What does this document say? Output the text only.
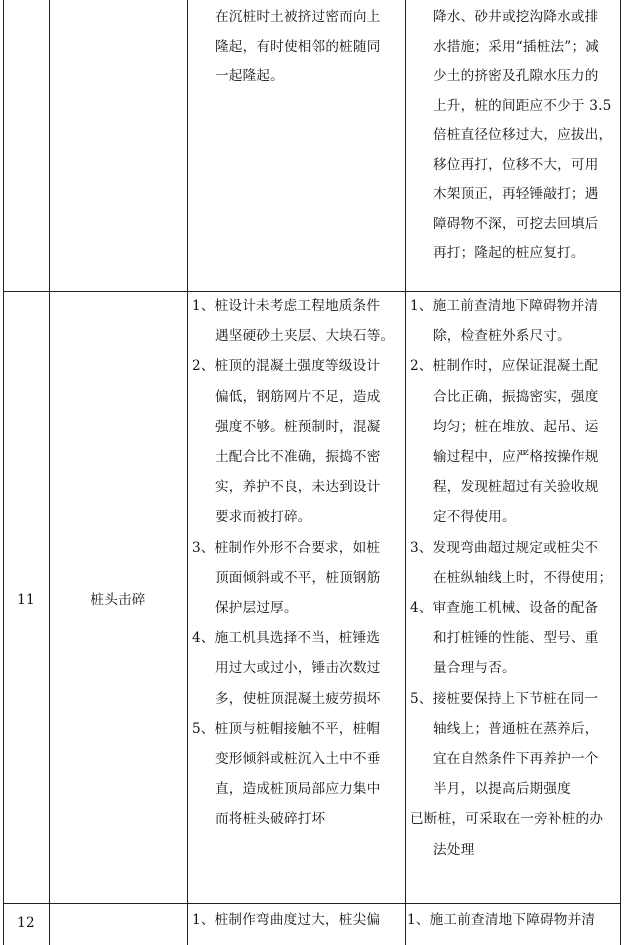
在沉桩时土被挤过密而向上
隆起，有时使相邻的桩随同
一起隆起。
降水、砂井或挖沟降水或排
水措施；采用“插桩法”；减
少土的挤密及孔隙水压力的
上升，桩的间距应不少于 3.5
倍桩直径位移过大，应拔出，
移位再打，位移不大，可用
木架顶正，再轻锤敲打；遇
障碍物不深，可挖去回填后
再打；隆起的桩应复打。
11	桩头击碎
1、桩设计未考虑工程地质条件
遇坚硬砂土夹层、大块石等。
2、桩顶的混凝土强度等级设计
偏低，钢筋网片不足，造成
强度不够。桩预制时，混凝
土配合比不准确，振捣不密
实，养护不良，未达到设计
要求而被打碎。
3、桩制作外形不合要求，如桩
顶面倾斜或不平，桩顶钢筋
保护层过厚。
4、施工机具选择不当，桩锤选
用过大或过小，锤击次数过
多，使桩顶混凝土疲劳损坏
5、桩顶与桩帽接触不平，桩帽
变形倾斜或桩沉入土中不垂
直，造成桩顶局部应力集中
而将桩头破碎打坏
1、施工前查清地下障碍物并清
除，检查桩外系尺寸。
2、桩制作时，应保证混凝土配
合比正确，振捣密实，强度
均匀；桩在堆放、起吊、运
输过程中，应严格按操作规
程，发现桩超过有关验收规
定不得使用。
3、发现弯曲超过规定或桩尖不
在桩纵轴线上时，不得使用；
4、审查施工机械、设备的配备
和打桩锤的性能、型号、重
量合理与否。
5、接桩要保持上下节桩在同一
轴线上；普通桩在蒸养后，
宜在自然条件下再养护一个
半月，以提高后期强度
已断桩，可采取在一旁补桩的办
法处理
12	1、桩制作弯曲度过大，桩尖偏 1、施工前查清地下障碍物并清
